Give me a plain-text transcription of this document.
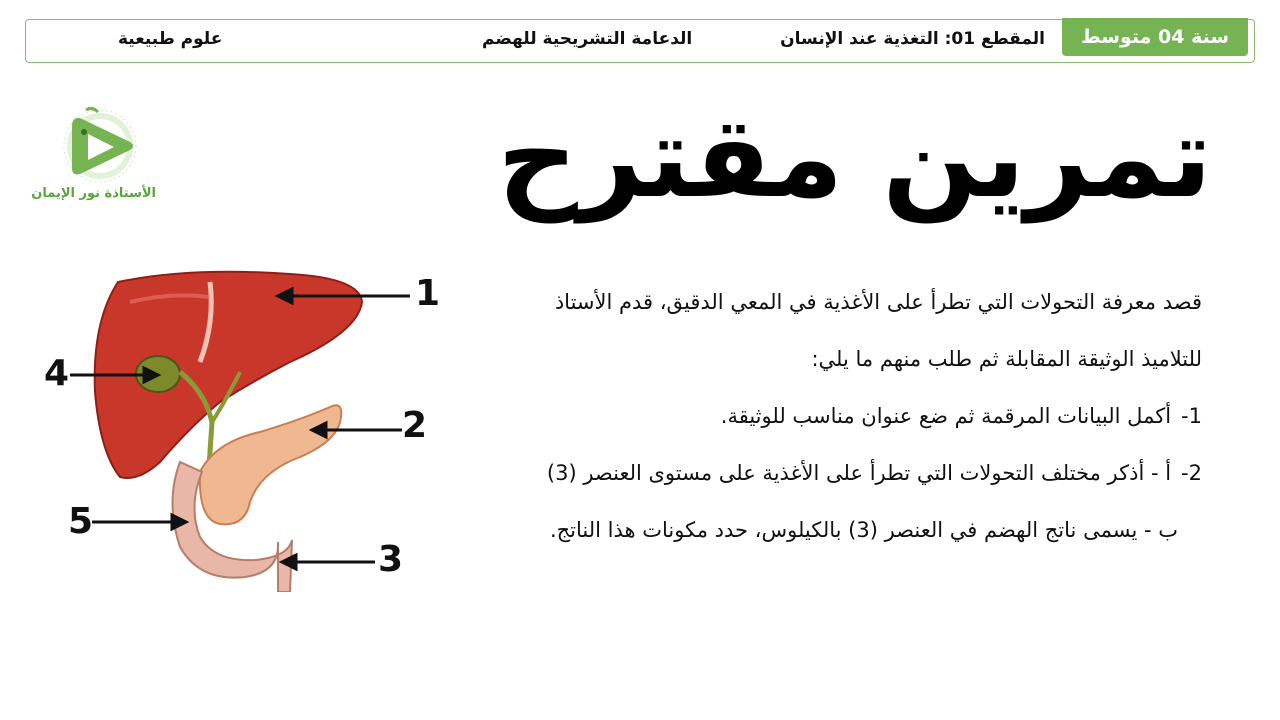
سنة 04 متوسط
المقطع 01: التغذية عند الإنسان
الدعامة التشريحية للهضم
علوم طبيعية
تمرين مقترح
الأستاذة نور الإيمان
قصد معرفة التحولات التي تطرأ على الأغذية في المعي الدقيق، قدم الأستاذ
للتلاميذ الوثيقة المقابلة ثم طلب منهم ما يلي:
1-أكمل البيانات المرقمة ثم ضع عنوان مناسب للوثيقة.
2-أ - أذكر مختلف التحولات التي تطرأ على الأغذية على مستوى العنصر (3)
ب - يسمى ناتج الهضم في العنصر (3) بالكيلوس، حدد مكونات هذا الناتج.
1
2
3
4
5
